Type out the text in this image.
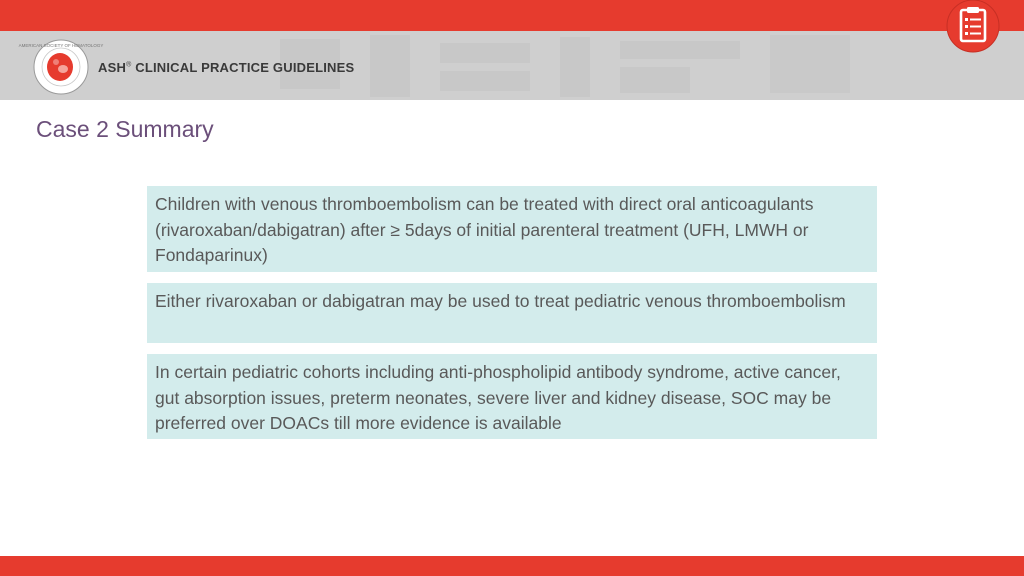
AMERICAN SOCIETY OF HEMATOLOGY
ASH® CLINICAL PRACTICE GUIDELINES
Case 2 Summary
Children with venous thromboembolism can be treated with direct oral anticoagulants (rivaroxaban/dabigatran) after ≥ 5days of initial parenteral treatment (UFH, LMWH or Fondaparinux)
Either rivaroxaban or dabigatran may be used to treat pediatric venous thromboembolism
In certain pediatric cohorts including anti-phospholipid antibody syndrome, active cancer, gut absorption issues, preterm neonates, severe liver and kidney disease, SOC may be preferred over DOACs till more evidence is available
